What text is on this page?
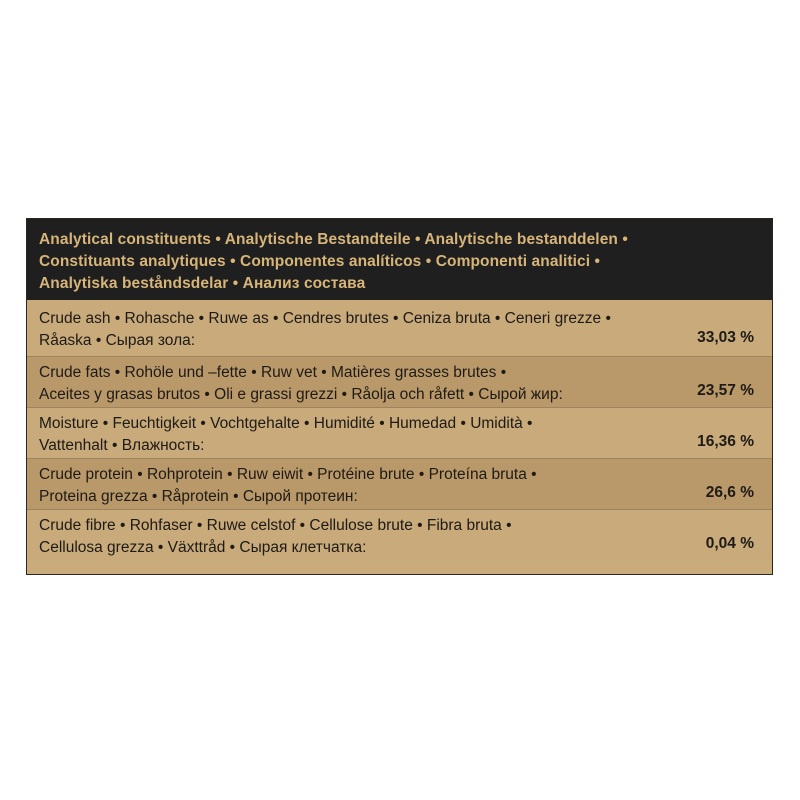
Analytical constituents • Analytische Bestandteile • Analytische bestanddelen •
Constituants analytiques • Componentes analíticos • Componenti analitici •
Analytiska beståndsdelar • Анализ состава
Crude ash • Rohasche • Ruwe as • Cendres brutes • Ceniza bruta • Ceneri grezze •
Råaska • Сырая зола:	33,03 %
Crude fats • Rohöle und –fette • Ruw vet • Matières grasses brutes •
Aceites y grasas brutos • Oli e grassi grezzi • Råolja och råfett • Сырой жир:	23,57 %
Moisture • Feuchtigkeit • Vochtgehalte • Humidité • Humedad • Umidità •
Vattenhalt • Влажность:	16,36 %
Crude protein • Rohprotein • Ruw eiwit • Protéine brute • Proteína bruta •
Proteina grezza • Råprotein • Сырой протеин:	26,6 %
Crude fibre • Rohfaser • Ruwe celstof • Cellulose brute • Fibra bruta •
Cellulosa grezza • Växttråd • Сырая клетчатка:	0,04 %
